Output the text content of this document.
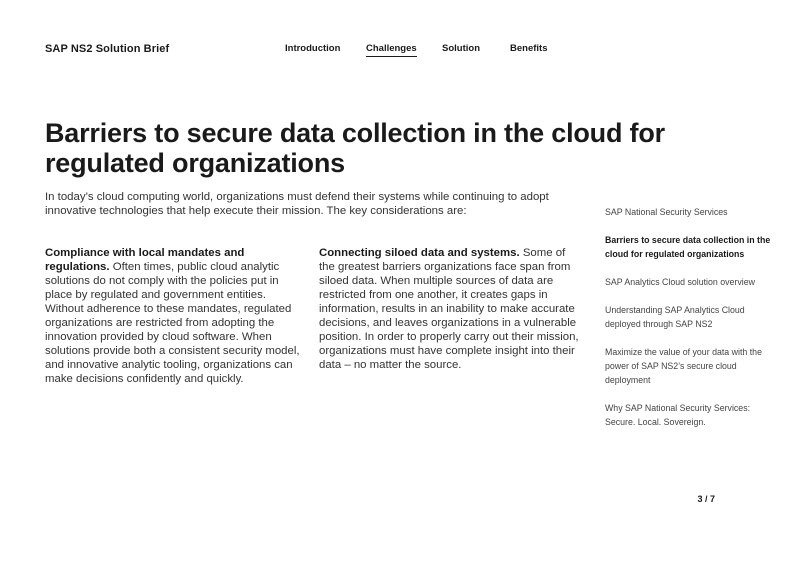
SAP NS2 Solution Brief	Introduction	Challenges	Solution	Benefits
Barriers to secure data collection in the cloud for regulated organizations

In today’s cloud computing world, organizations must defend their systems while continuing to adopt innovative technologies that help execute their mission. The key considerations are:

Compliance with local mandates and regulations. Often times, public cloud analytic solutions do not comply with the policies put in place by regulated and government entities. Without adherence to these mandates, regulated organizations are restricted from adopting the innovation provided by cloud software. When solutions provide both a consistent security model, and innovative analytic tooling, organizations can make decisions confidently and quickly.

Connecting siloed data and systems. Some of the greatest barriers organizations face span from siloed data. When multiple sources of data are restricted from one another, it creates gaps in information, results in an inability to make accurate decisions, and leaves organizations in a vulnerable position. In order to properly carry out their mission, organizations must have complete insight into their data – no matter the source.

SAP National Security Services
Barriers to secure data collection in the cloud for regulated organizations
SAP Analytics Cloud solution overview
Understanding SAP Analytics Cloud deployed through SAP NS2
Maximize the value of your data with the power of SAP NS2’s secure cloud deployment
Why SAP National Security Services: Secure. Local. Sovereign.
3 / 7
